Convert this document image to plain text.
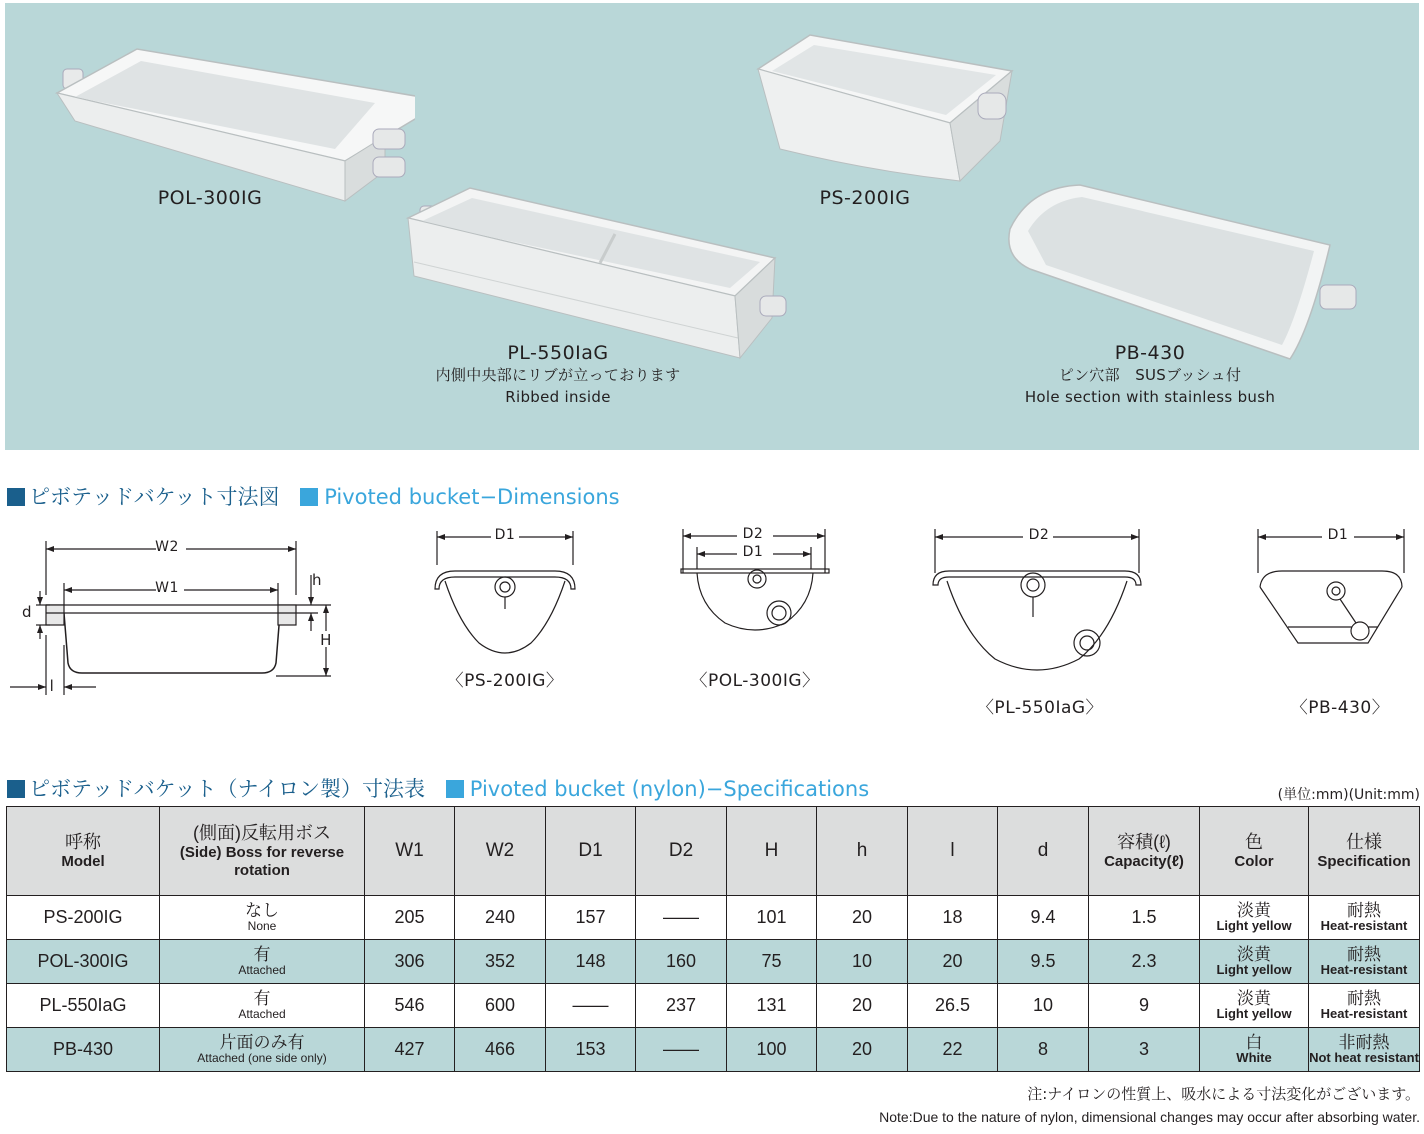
POL-300IG
PL-550IaG
内側中央部にリブが立っております
Ribbed inside
PS-200IG
PB-430
ピン穴部　SUSブッシュ付
Hole section with stainless bush
ピボテッドバケット寸法図 Pivoted bucket−Dimensions
W2
W1
d
h
H
l
D1
〈PS-200IG〉
D2
D1
〈POL-300IG〉
D2
〈PL-550IaG〉
D1
〈PB-430〉
ピボテッドバケット（ナイロン製）寸法表 Pivoted bucket (nylon)−Specifications	(単位:mm)(Unit:mm)
呼称
Model	(側面)反転用ボス
(Side) Boss for reverse rotation	W1	W2	D1	D2	H	h	l	d	容積(ℓ)
Capacity(ℓ)	色
Color	仕様
Specification

PS-200IG	なし
None	205	240	157	——	101	20	18	9.4	1.5	淡黄
Light yellow	耐熱
Heat-resistant

POL-300IG	有
Attached	306	352	148	160	75	10	20	9.5	2.3	淡黄
Light yellow	耐熱
Heat-resistant

PL-550IaG	有
Attached	546	600	——	237	131	20	26.5	10	9	淡黄
Light yellow	耐熱
Heat-resistant

PB-430	片面のみ有
Attached (one side only)	427	466	153	——	100	20	22	8	3	白
White	非耐熱
Not heat resistant
注:ナイロンの性質上、吸水による寸法変化がございます。
Note:Due to the nature of nylon, dimensional changes may occur after absorbing water.
